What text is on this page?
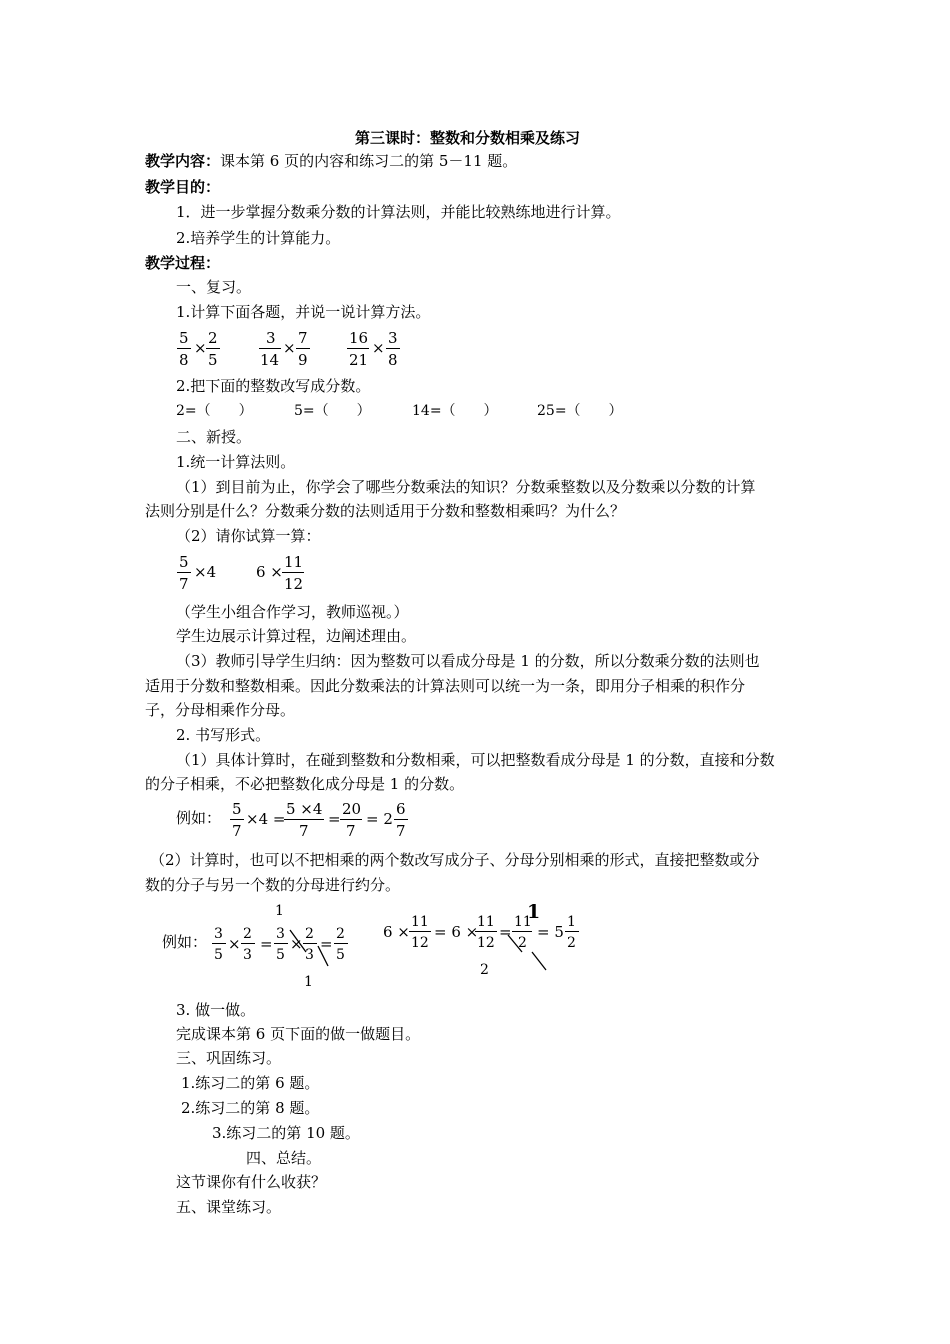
第三课时：整数和分数相乘及练习
教学内容：课本第 6 页的内容和练习二的第 5－11 题。
教学目的：
1．进一步掌握分数乘分数的计算法则，并能比较熟练地进行计算。
2.培养学生的计算能力。
教学过程：
一、复习。
1.计算下面各题，并说一说计算方法。
5
8
×
2
5
3
14
×
7
9
16
21
×
3
8
2.把下面的整数改写成分数。
2=（　　）	5=（　　）	14=（　　）	25=（　　）
二、新授。
1.统一计算法则。
（1）到目前为止，你学会了哪些分数乘法的知识？分数乘整数以及分数乘以分数的计算
法则分别是什么？分数乘分数的法则适用于分数和整数相乘吗？为什么？
（2）请你试算一算：
5
7
×4	6 ×
11
12
（学生小组合作学习，教师巡视。）
学生边展示计算过程，边阐述理由。
（3）教师引导学生归纳：因为整数可以看成分母是 1 的分数，所以分数乘分数的法则也
适用于分数和整数相乘。因此分数乘法的计算法则可以统一为一条，即用分子相乘的积作分
子，分母相乘作分母。
2. 书写形式。
（1）具体计算时，在碰到整数和分数相乘，可以把整数看成分母是 1 的分数，直接和分数
的分子相乘，不必把整数化成分母是 1 的分数。
例如： 5
7
×4 =
5 ×4
7
=
20
7
= 2
6
7
（2）计算时，也可以不把相乘的两个数改写成分子、分母分别相乘的形式，直接把整数或分
数的分子与另一个数的分母进行约分。
例如： 3
5
×
2
3
=
1
3
5
×
2
3
1
=
2
5
6 ×
11
12
= 6 ×
11
12
2
=
1
11
2
= 5
1
2
3. 做一做。
完成课本第 6 页下面的做一做题目。
三、巩固练习。
1.练习二的第 6 题。
2.练习二的第 8 题。
3.练习二的第 10 题。
四、总结。
这节课你有什么收获？
五、课堂练习。
